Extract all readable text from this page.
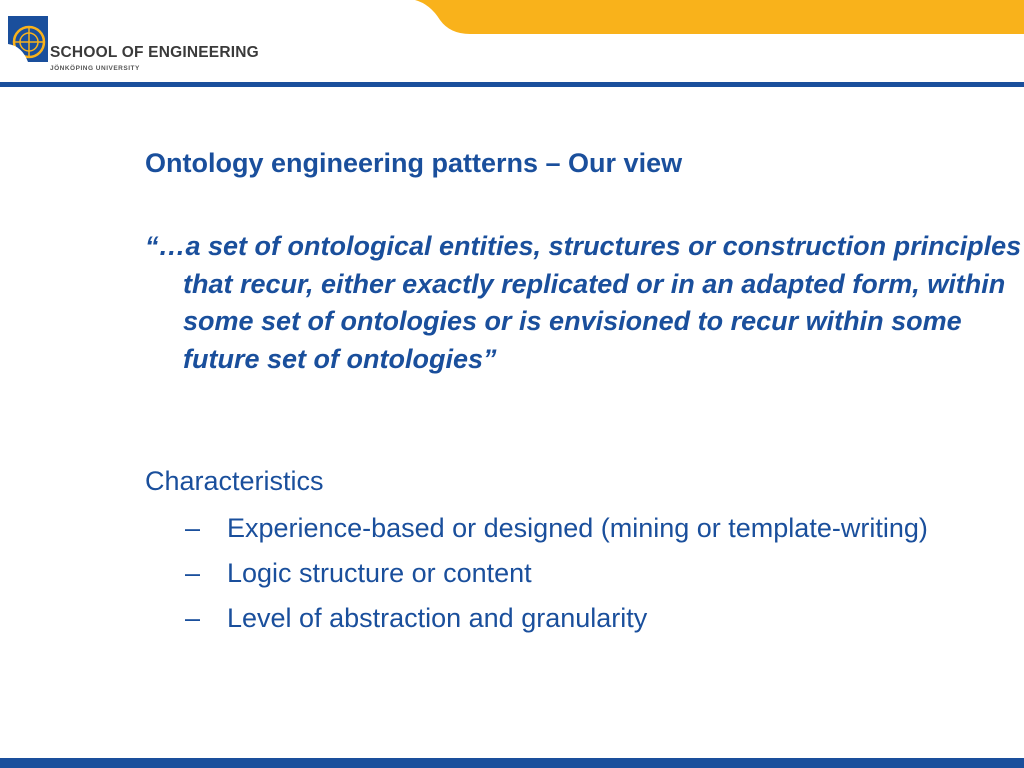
SCHOOL OF ENGINEERING

JÖNKÖPING UNIVERSITY

Ontology engineering patterns – Our view

“…a set of ontological entities, structures or construction principles that recur, either exactly replicated or in an adapted form, within some set of ontologies or is envisioned to recur within some future set of ontologies”

Characteristics

– Experience-based or designed (mining or template-writing)
– Logic structure or content
– Level of abstraction and granularity
